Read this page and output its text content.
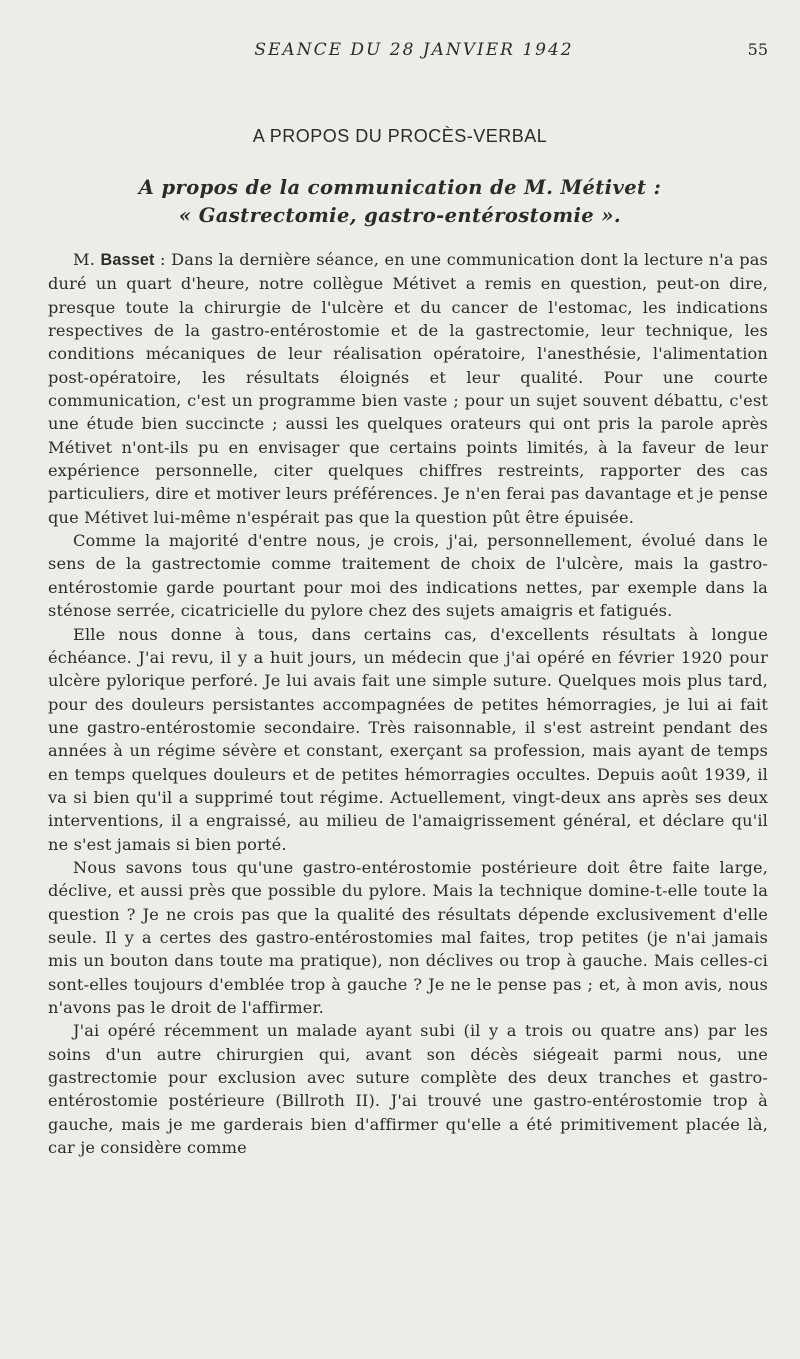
SEANCE DU 28 JANVIER 1942	55
A PROPOS DU PROCÈS-VERBAL
A propos de la communication de M. Métivet :
« Gastrectomie, gastro-entérostomie ».

M. Basset : Dans la dernière séance, en une communication dont la lecture n'a pas duré un quart d'heure, notre collègue Métivet a remis en question, peut-on dire, presque toute la chirurgie de l'ulcère et du cancer de l'estomac, les indications respectives de la gastro-entérostomie et de la gastrectomie, leur technique, les conditions mécaniques de leur réalisation opératoire, l'anesthésie, l'alimentation post-opératoire, les résultats éloignés et leur qualité. Pour une courte communication, c'est un programme bien vaste ; pour un sujet souvent débattu, c'est une étude bien succincte ; aussi les quelques orateurs qui ont pris la parole après Métivet n'ont-ils pu en envisager que certains points limités, à la faveur de leur expérience personnelle, citer quelques chiffres restreints, rapporter des cas particuliers, dire et motiver leurs préférences. Je n'en ferai pas davantage et je pense que Métivet lui-même n'espérait pas que la question pût être épuisée.

Comme la majorité d'entre nous, je crois, j'ai, personnellement, évolué dans le sens de la gastrectomie comme traitement de choix de l'ulcère, mais la gastro-entérostomie garde pourtant pour moi des indications nettes, par exemple dans la sténose serrée, cicatricielle du pylore chez des sujets amaigris et fatigués.

Elle nous donne à tous, dans certains cas, d'excellents résultats à longue échéance. J'ai revu, il y a huit jours, un médecin que j'ai opéré en février 1920 pour ulcère pylorique perforé. Je lui avais fait une simple suture. Quelques mois plus tard, pour des douleurs persistantes accompagnées de petites hémorragies, je lui ai fait une gastro-entérostomie secondaire. Très raisonnable, il s'est astreint pendant des années à un régime sévère et constant, exerçant sa profession, mais ayant de temps en temps quelques douleurs et de petites hémorragies occultes. Depuis août 1939, il va si bien qu'il a supprimé tout régime. Actuellement, vingt-deux ans après ses deux interventions, il a engraissé, au milieu de l'amaigrissement général, et déclare qu'il ne s'est jamais si bien porté.

Nous savons tous qu'une gastro-entérostomie postérieure doit être faite large, déclive, et aussi près que possible du pylore. Mais la technique domine-t-elle toute la question ? Je ne crois pas que la qualité des résultats dépende exclusivement d'elle seule. Il y a certes des gastro-entérostomies mal faites, trop petites (je n'ai jamais mis un bouton dans toute ma pratique), non déclives ou trop à gauche. Mais celles-ci sont-elles toujours d'emblée trop à gauche ? Je ne le pense pas ; et, à mon avis, nous n'avons pas le droit de l'affirmer.

J'ai opéré récemment un malade ayant subi (il y a trois ou quatre ans) par les soins d'un autre chirurgien qui, avant son décès siégeait parmi nous, une gastrectomie pour exclusion avec suture complète des deux tranches et gastro-entérostomie postérieure (Billroth II). J'ai trouvé une gastro-entérostomie trop à gauche, mais je me garderais bien d'affirmer qu'elle a été primitivement placée là, car je considère comme
